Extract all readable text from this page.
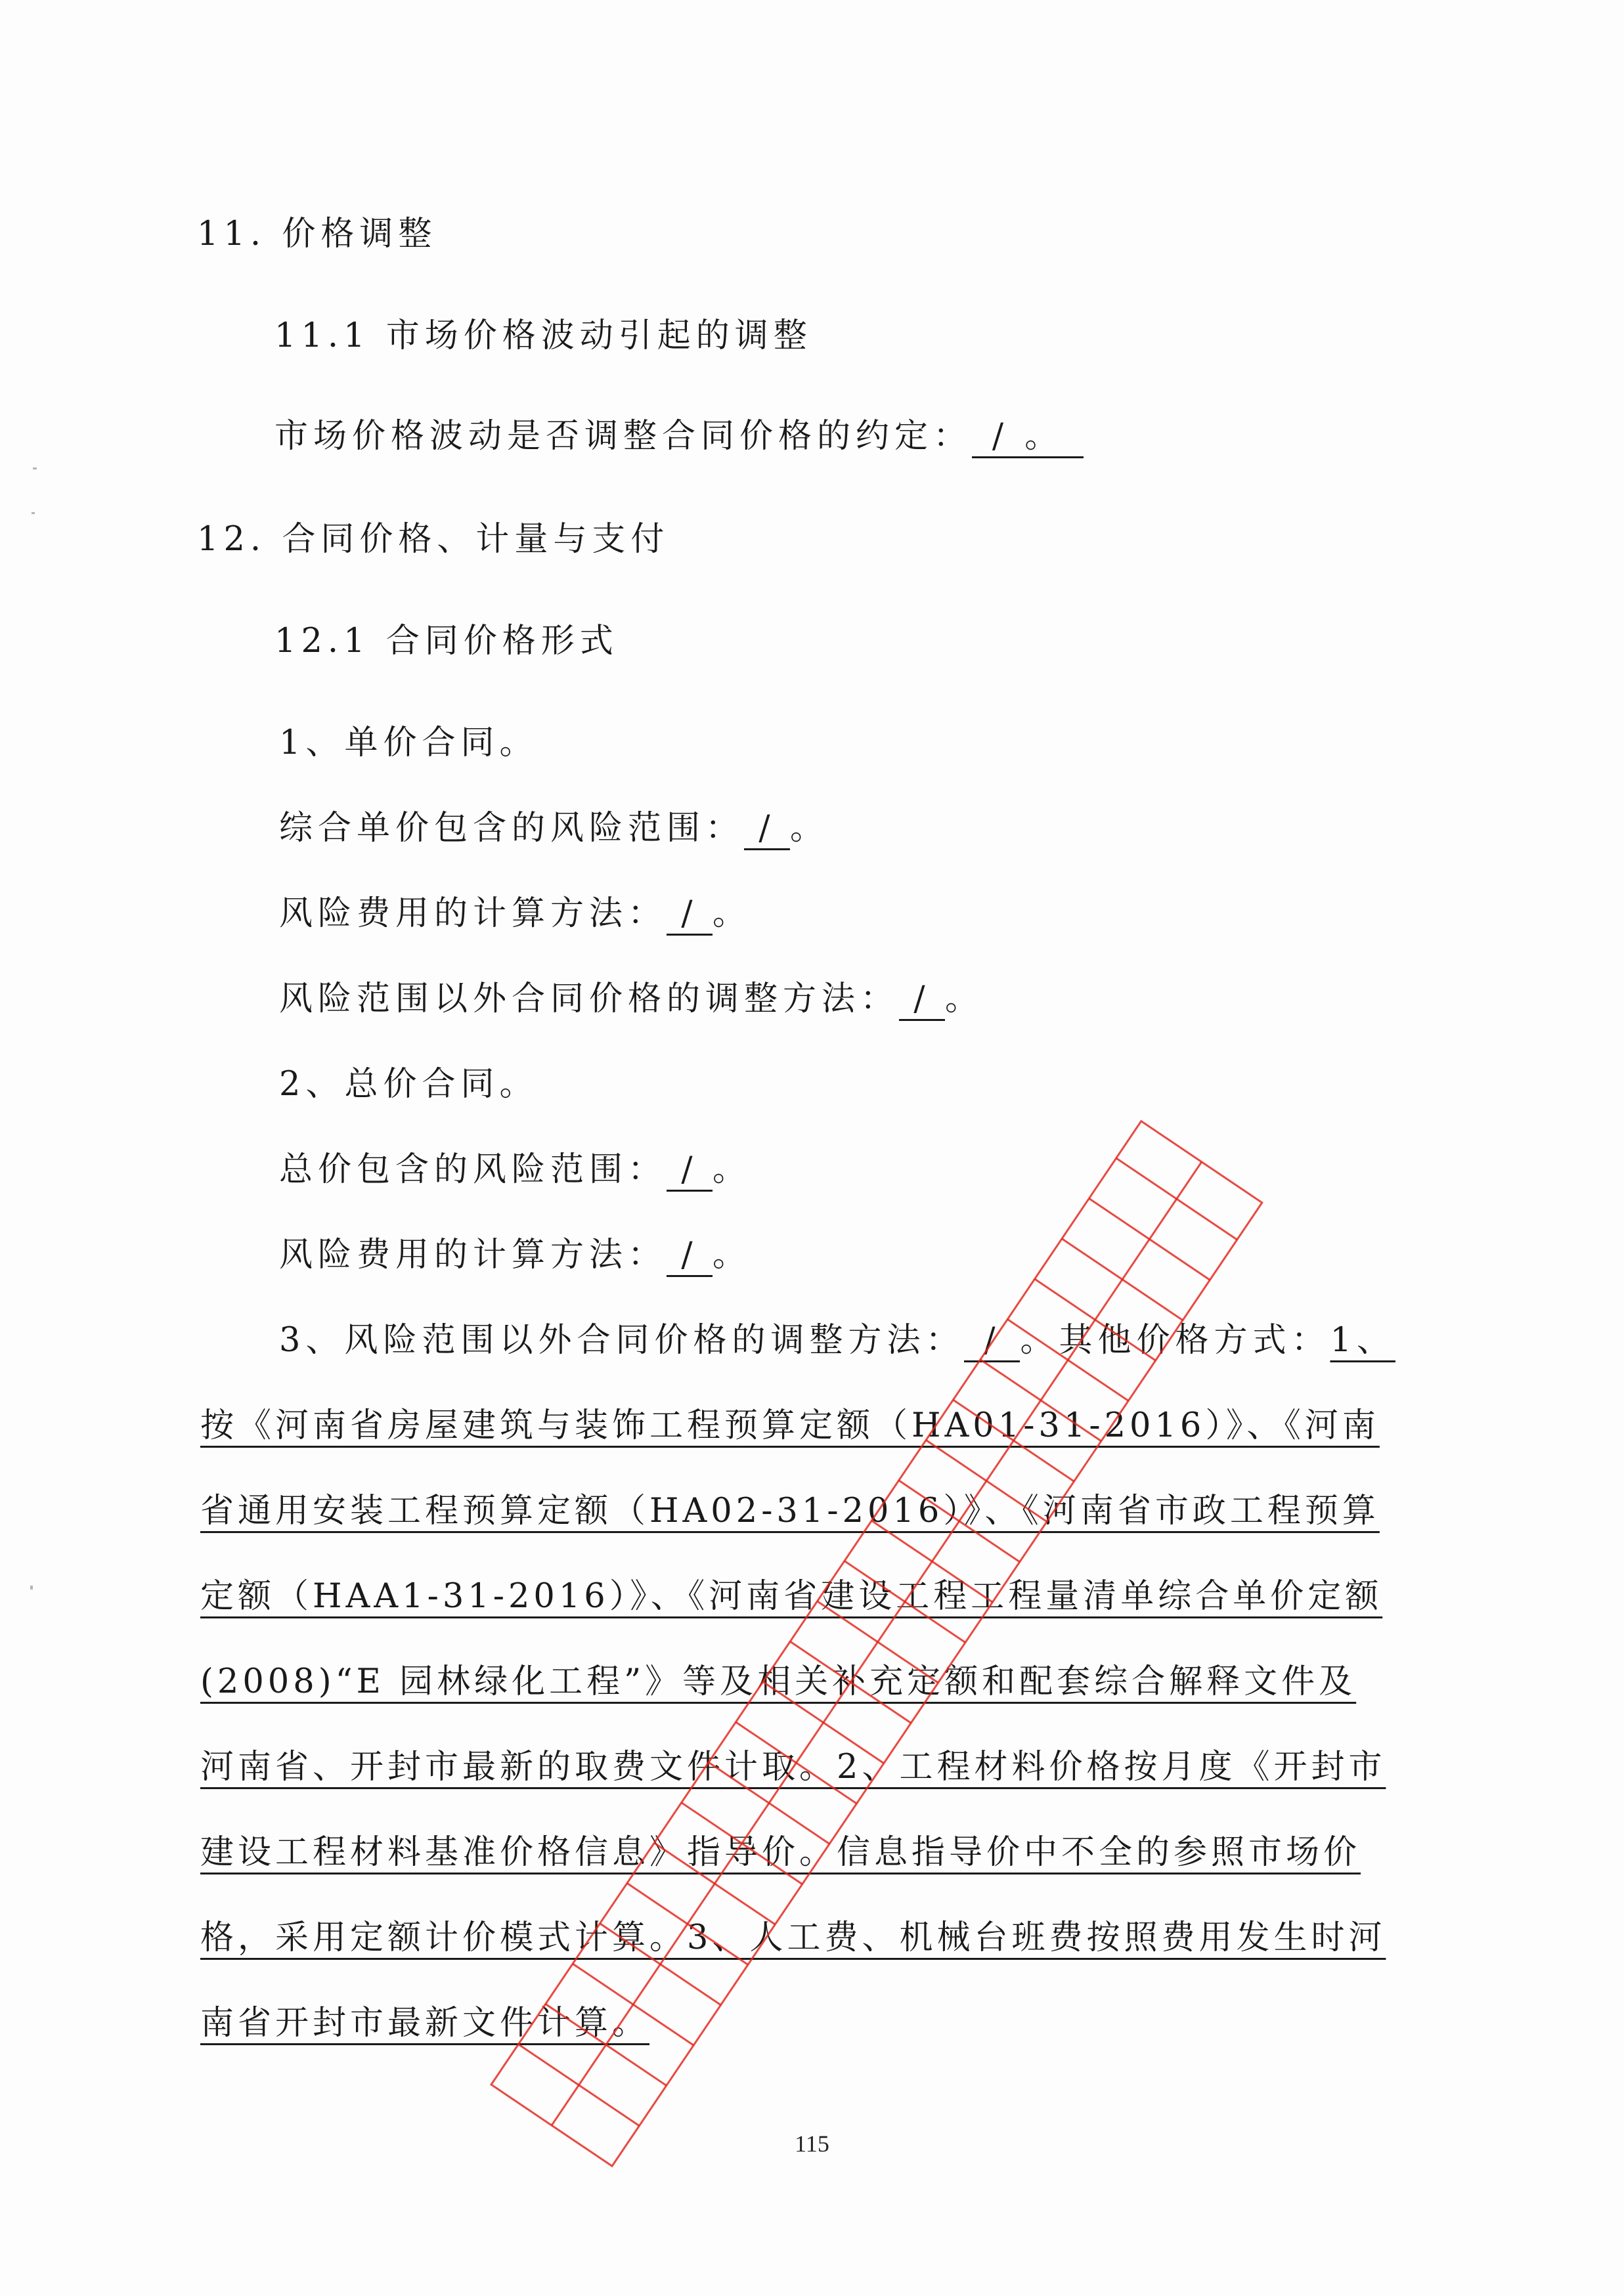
11. 价格调整
11.1 市场价格波动引起的调整
市场价格波动是否调整合同价格的约定： / 。
12. 合同价格、计量与支付
12.1 合同价格形式
1、单价合同。
综合单价包含的风险范围： / 。
风险费用的计算方法： / 。
风险范围以外合同价格的调整方法： / 。
2、总价合同。
总价包含的风险范围： / 。
风险费用的计算方法： / 。
3、风险范围以外合同价格的调整方法： / 。其他价格方式：1、
按《河南省房屋建筑与装饰工程预算定额（HA01-31-2016）》、《河南
省通用安装工程预算定额（HA02-31-2016）》、《河南省市政工程预算
定额（HAA1-31-2016）》、《河南省建设工程工程量清单综合单价定额
(2008)“E 园林绿化工程”》等及相关补充定额和配套综合解释文件及
河南省、开封市最新的取费文件计取。2、工程材料价格按月度《开封市
建设工程材料基准价格信息》指导价。信息指导价中不全的参照市场价
格，采用定额计价模式计算。3、人工费、机械台班费按照费用发生时河
南省开封市最新文件计算。
115
